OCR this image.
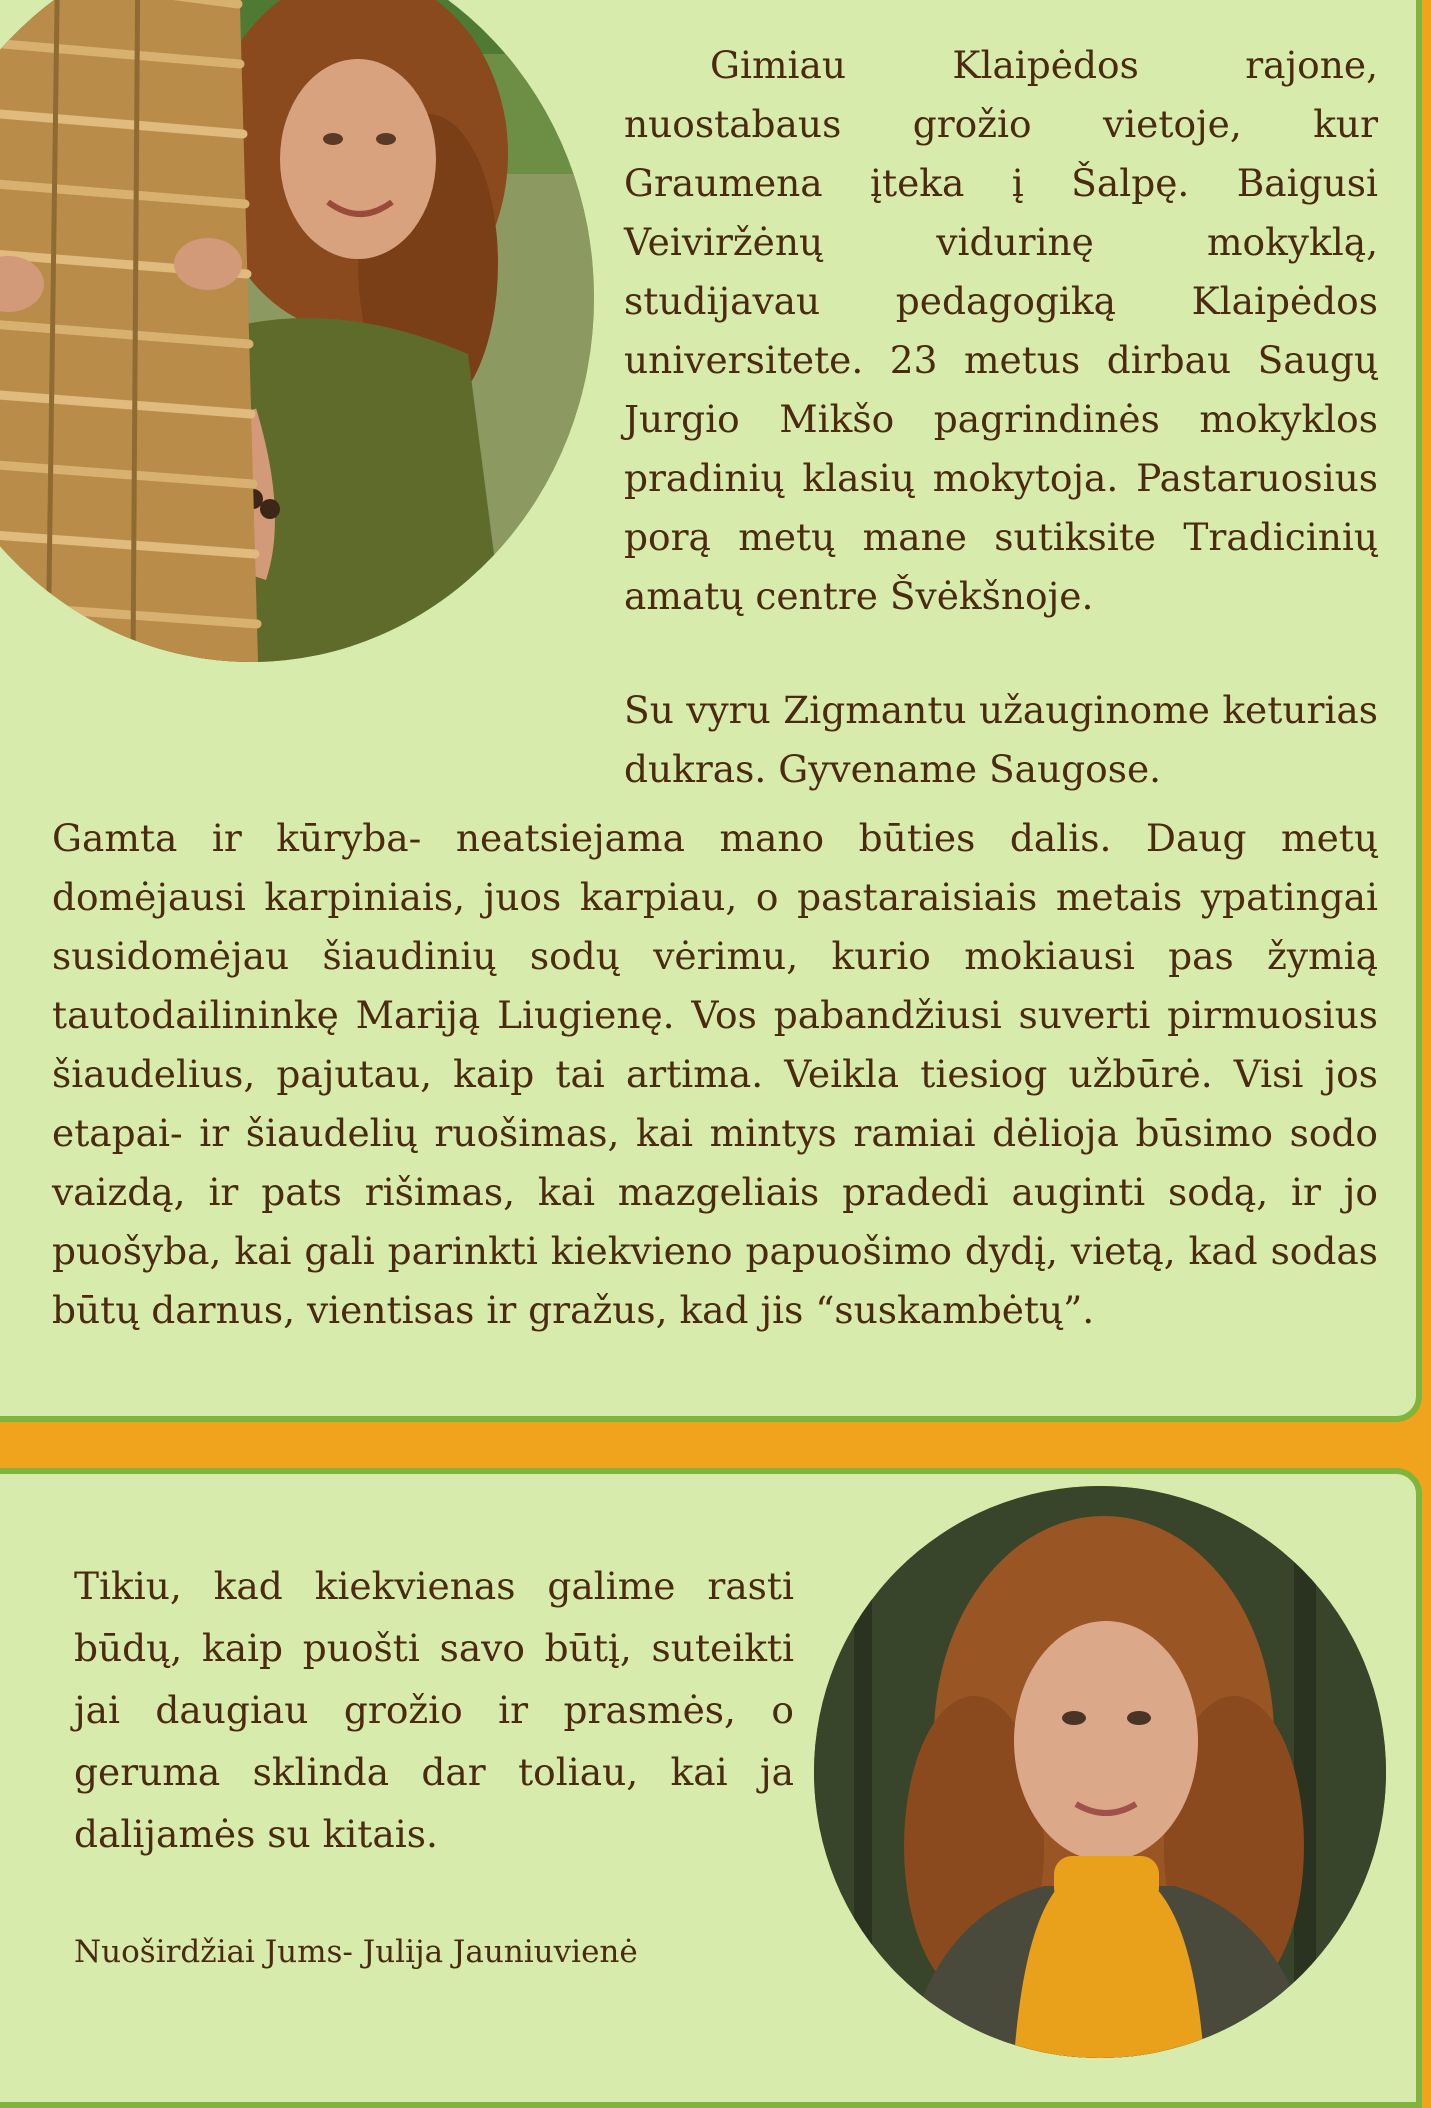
Gimiau Klaipėdos rajone, nuostabaus grožio vietoje, kur Graumena įteka į Šalpę. Baigusi Veiviržėnų vidurinę mokyklą, studijavau pedagogiką Klaipėdos universitete. 23 metus dirbau Saugų Jurgio Mikšo pagrindinės mokyklos pradinių klasių mokytoja. Pastaruosius porą metų mane sutiksite Tradicinių amatų centre Švėkšnoje.

Su vyru Zigmantu užauginome keturias dukras. Gyvename Saugose.

Gamta ir kūryba- neatsiejama mano būties dalis. Daug metų domėjausi karpiniais, juos karpiau, o pastaraisiais metais ypatingai susidomėjau šiaudinių sodų vėrimu, kurio mokiausi pas žymią tautodailininkę Mariją Liugienę. Vos pabandžiusi suverti pirmuosius šiaudelius, pajutau, kaip tai artima. Veikla tiesiog užbūrė. Visi jos etapai- ir šiaudelių ruošimas, kai mintys ramiai dėlioja būsimo sodo vaizdą, ir pats rišimas, kai mazgeliais pradedi auginti sodą, ir jo puošyba, kai gali parinkti kiekvieno papuošimo dydį, vietą, kad sodas būtų darnus, vientisas ir gražus, kad jis “suskambėtų”.

Tikiu, kad kiekvienas galime rasti būdų, kaip puošti savo būtį, suteikti jai daugiau grožio ir prasmės, o geruma sklinda dar toliau, kai ja dalijamės su kitais.

Nuoširdžiai Jums- Julija Jauniuvienė
